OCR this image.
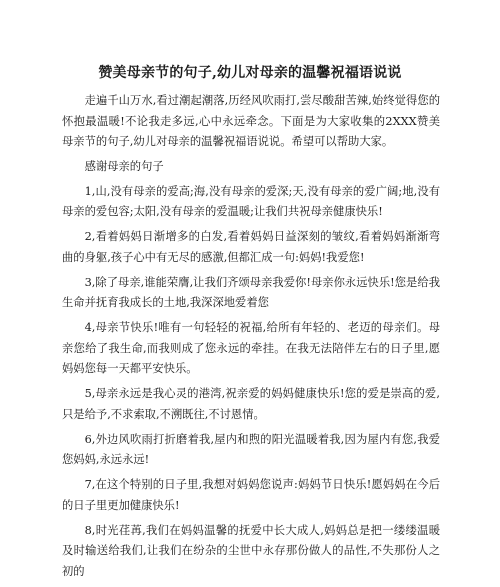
赞美母亲节的句子,幼儿对母亲的温馨祝福语说说

走遍千山万水,看过潮起潮落,历经风吹雨打,尝尽酸甜苦辣,始终觉得您的怀抱最温暖!不论我走多远,心中永远牵念。下面是为大家收集的2XXX赞美母亲节的句子,幼儿对母亲的温馨祝福语说说。希望可以帮助大家。

感谢母亲的句子

1,山,没有母亲的爱高;海,没有母亲的爱深;天,没有母亲的爱广阔;地,没有母亲的爱包容;太阳,没有母亲的爱温暖;让我们共祝母亲健康快乐!

2,看着妈妈日渐增多的白发,看着妈妈日益深刻的皱纹,看着妈妈渐渐弯曲的身躯,孩子心中有无尽的感激,但都汇成一句:妈妈!我爱您!

3,除了母亲,谁能荣膺,让我们齐颂母亲我爱你!母亲你永远快乐!您是给我生命并抚育我成长的土地,我深深地爱着您

4,母亲节快乐!唯有一句轻轻的祝福,给所有年轻的、老迈的母亲们。母亲您给了我生命,而我则成了您永远的牵挂。在我无法陪伴左右的日子里,愿妈妈您每一天都平安快乐。

5,母亲永远是我心灵的港湾,祝亲爱的妈妈健康快乐!您的爱是崇高的爱,只是给予,不求索取,不溯既往,不讨恩情。

6,外边风吹雨打折磨着我,屋内和煦的阳光温暖着我,因为屋内有您,我爱您妈妈,永远永远!

7,在这个特别的日子里,我想对妈妈您说声:妈妈节日快乐!愿妈妈在今后的日子里更加健康快乐!

8,时光荏苒,我们在妈妈温馨的抚爱中长大成人,妈妈总是把一缕缕温暖及时输送给我们,让我们在纷杂的尘世中永存那份做人的品性,不失那份人之初的
